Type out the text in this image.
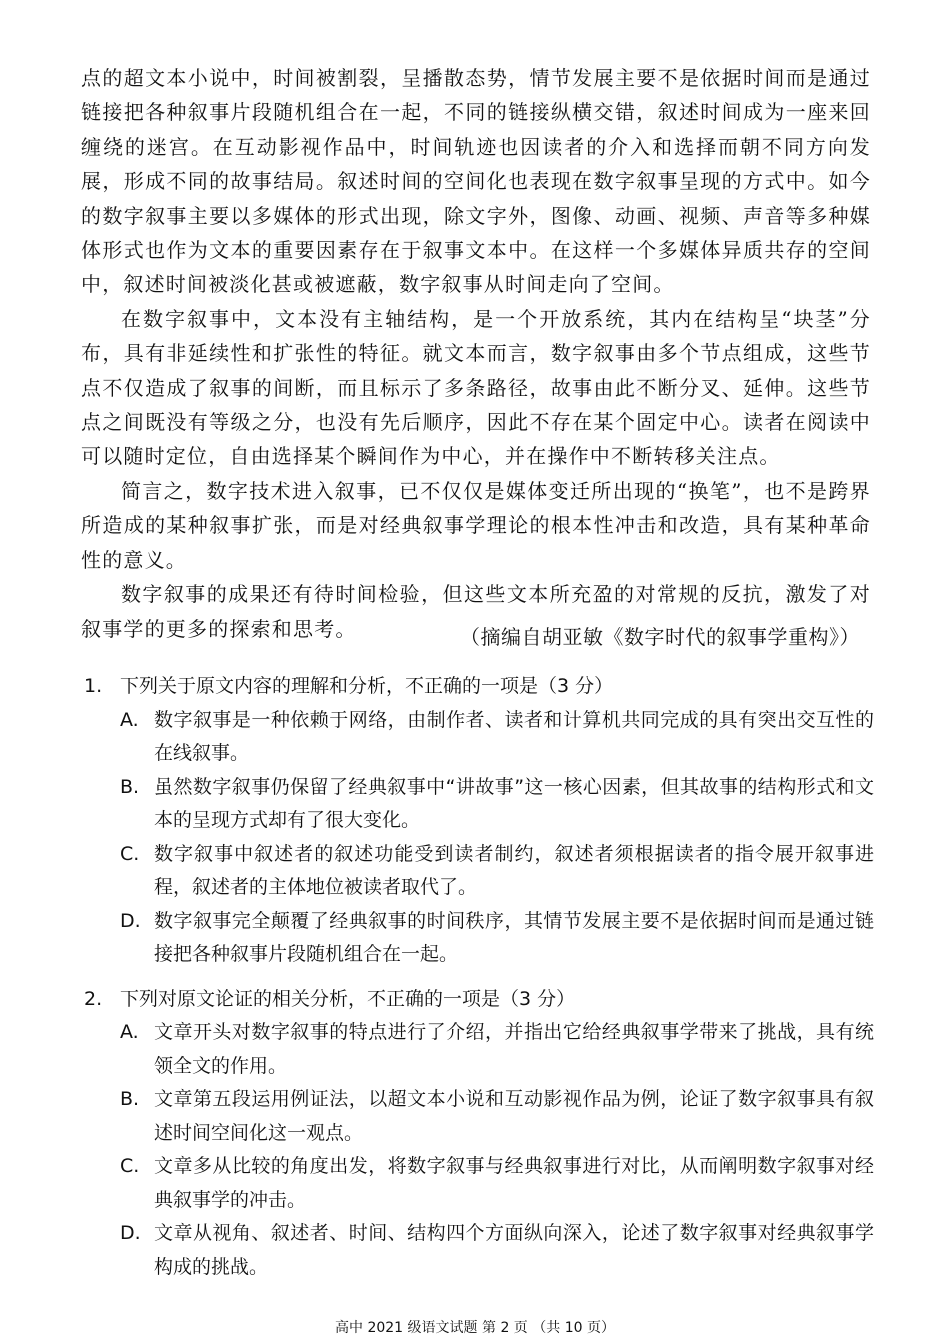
点的超文本小说中，时间被割裂，呈播散态势，情节发展主要不是依据时间而是通过链接把各种叙事片段随机组合在一起，不同的链接纵横交错，叙述时间成为一座来回缠绕的迷宫。在互动影视作品中，时间轨迹也因读者的介入和选择而朝不同方向发展，形成不同的故事结局。叙述时间的空间化也表现在数字叙事呈现的方式中。如今的数字叙事主要以多媒体的形式出现，除文字外，图像、动画、视频、声音等多种媒体形式也作为文本的重要因素存在于叙事文本中。在这样一个多媒体异质共存的空间中，叙述时间被淡化甚或被遮蔽，数字叙事从时间走向了空间。

在数字叙事中，文本没有主轴结构，是一个开放系统，其内在结构呈“块茎”分布，具有非延续性和扩张性的特征。就文本而言，数字叙事由多个节点组成，这些节点不仅造成了叙事的间断，而且标示了多条路径，故事由此不断分叉、延伸。这些节点之间既没有等级之分，也没有先后顺序，因此不存在某个固定中心。读者在阅读中可以随时定位，自由选择某个瞬间作为中心，并在操作中不断转移关注点。

简言之，数字技术进入叙事，已不仅仅是媒体变迁所出现的“换笔”，也不是跨界所造成的某种叙事扩张，而是对经典叙事学理论的根本性冲击和改造，具有某种革命性的意义。

数字叙事的成果还有待时间检验，但这些文本所充盈的对常规的反抗，激发了对叙事学的更多的探索和思考。	（摘编自胡亚敏《数字时代的叙事学重构》）
1. 下列关于原文内容的理解和分析，不正确的一项是（3 分）
A. 数字叙事是一种依赖于网络，由制作者、读者和计算机共同完成的具有突出交互性的在线叙事。
B. 虽然数字叙事仍保留了经典叙事中“讲故事”这一核心因素，但其故事的结构形式和文本的呈现方式却有了很大变化。
C. 数字叙事中叙述者的叙述功能受到读者制约，叙述者须根据读者的指令展开叙事进程，叙述者的主体地位被读者取代了。
D. 数字叙事完全颠覆了经典叙事的时间秩序，其情节发展主要不是依据时间而是通过链接把各种叙事片段随机组合在一起。
2. 下列对原文论证的相关分析，不正确的一项是（3 分）
A. 文章开头对数字叙事的特点进行了介绍，并指出它给经典叙事学带来了挑战，具有统领全文的作用。
B. 文章第五段运用例证法，以超文本小说和互动影视作品为例，论证了数字叙事具有叙述时间空间化这一观点。
C. 文章多从比较的角度出发，将数字叙事与经典叙事进行对比，从而阐明数字叙事对经典叙事学的冲击。
D. 文章从视角、叙述者、时间、结构四个方面纵向深入，论述了数字叙事对经典叙事学构成的挑战。
高中 2021 级语文试题 第 2 页 （共 10 页）
